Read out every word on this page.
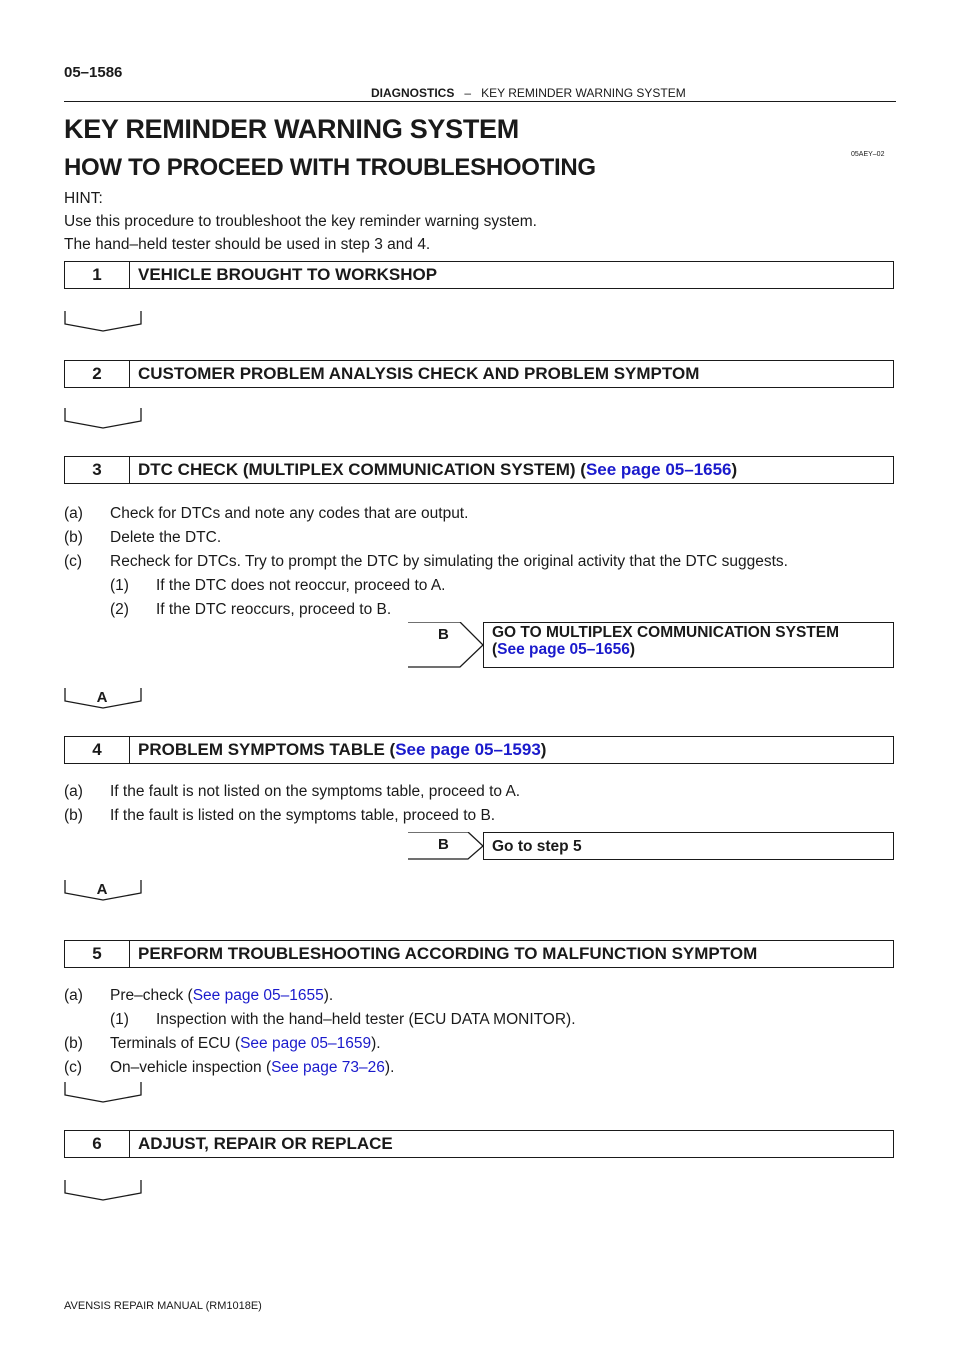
05–1586
DIAGNOSTICS – KEY REMINDER WARNING SYSTEM
KEY REMINDER WARNING SYSTEM
HOW TO PROCEED WITH TROUBLESHOOTING	05AEY–02
HINT:
Use this procedure to troubleshoot the key reminder warning system.
The hand–held tester should be used in step 3 and 4.
1	VEHICLE BROUGHT TO WORKSHOP
2	CUSTOMER PROBLEM ANALYSIS CHECK AND PROBLEM SYMPTOM
3	DTC CHECK (MULTIPLEX COMMUNICATION SYSTEM) (See page 05–1656)
(a) Check for DTCs and note any codes that are output.
(b) Delete the DTC.
(c) Recheck for DTCs. Try to prompt the DTC by simulating the original activity that the DTC suggests.
(1) If the DTC does not reoccur, proceed to A.
(2) If the DTC reoccurs, proceed to B.
B	GO TO MULTIPLEX COMMUNICATION SYSTEM
(See page 05–1656)
A
4	PROBLEM SYMPTOMS TABLE (See page 05–1593)
(a) If the fault is not listed on the symptoms table, proceed to A.
(b) If the fault is listed on the symptoms table, proceed to B.
B	Go to step 5
A
5	PERFORM TROUBLESHOOTING ACCORDING TO MALFUNCTION SYMPTOM
(a) Pre–check (See page 05–1655).
(1) Inspection with the hand–held tester (ECU DATA MONITOR).
(b) Terminals of ECU (See page 05–1659).
(c) On–vehicle inspection (See page 73–26).
6	ADJUST, REPAIR OR REPLACE
AVENSIS REPAIR MANUAL (RM1018E)
